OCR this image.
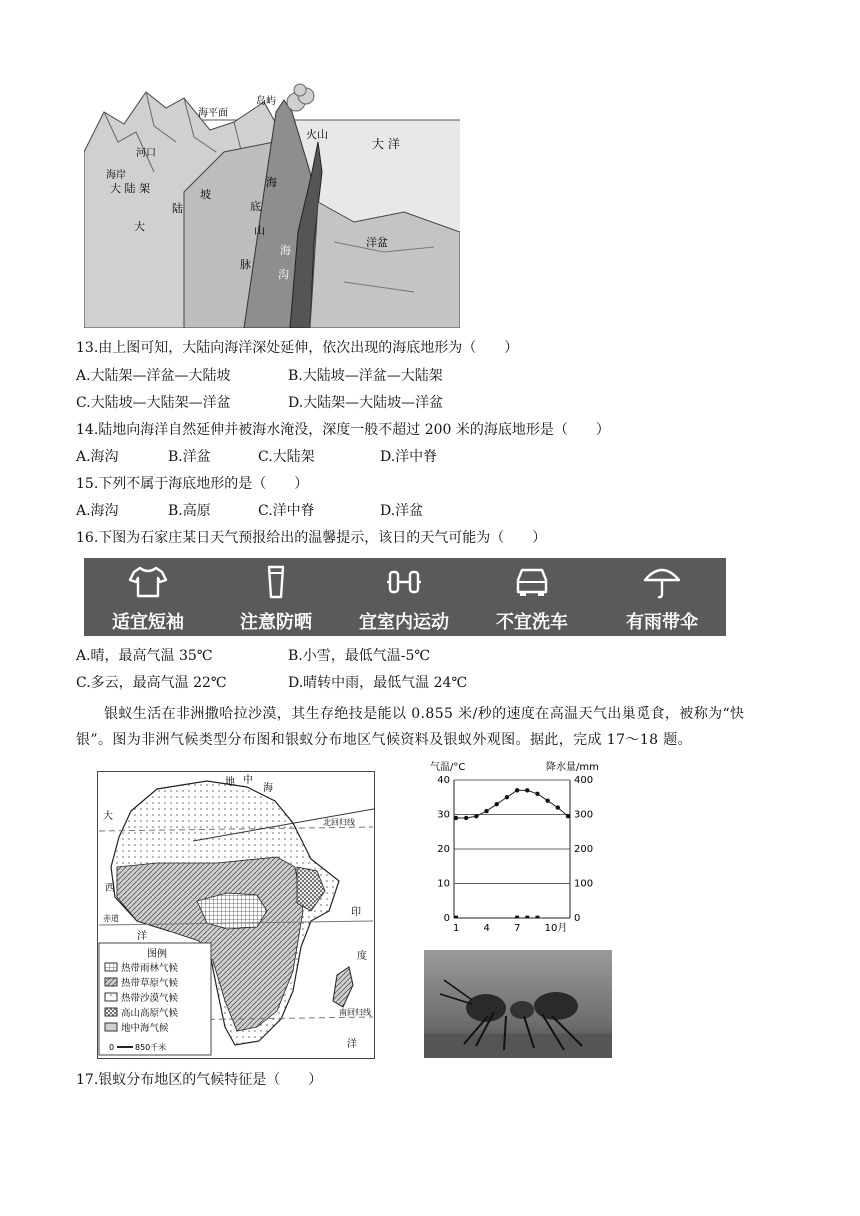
岛屿
海平面
火山
大 洋
河口
海岸
大 陆 架
大
陆
坡
海
底
山
脉
海
沟
洋盆
13.由上图可知，大陆向海洋深处延伸，依次出现的海底地形为（　　）
A.大陆架—洋盆—大陆坡	B.大陆坡—洋盆—大陆架
C.大陆坡—大陆架—洋盆	D.大陆架—大陆坡—洋盆
14.陆地向海洋自然延伸并被海水淹没，深度一般不超过 200 米的海底地形是（　　）
A.海沟	B.洋盆	C.大陆架	D.洋中脊
15.下列不属于海底地形的是（　　）
A.海沟	B.高原	C.洋中脊	D.洋盆
16.下图为石家庄某日天气预报给出的温馨提示，该日的天气可能为（　　）
适宜短袖	注意防晒	宜室内运动	不宜洗车	有雨带伞
A.晴，最高气温 35℃	B.小雪，最低气温-5℃
C.多云，最高气温 22℃	D.晴转中雨，最低气温 24℃
银蚁生活在非洲撒哈拉沙漠，其生存绝技是能以 0.855 米/秒的速度在高温天气出巢觅食，被称为“快银”。图为非洲气候类型分布图和银蚁分布地区气候资料及银蚁外观图。据此，完成 17～18 题。
地 中
海
北回归线
赤道
南回归线
大
西
洋
印
度
洋
图例
热带雨林气候
热带草原气候
热带沙漠气候
高山高原气候
地中海气候
0	850千米
气温/°C	降水量/mm
0
10
20
30
40
0
100
200
300
400
1 4 7 10月
17.银蚁分布地区的气候特征是（　　）
